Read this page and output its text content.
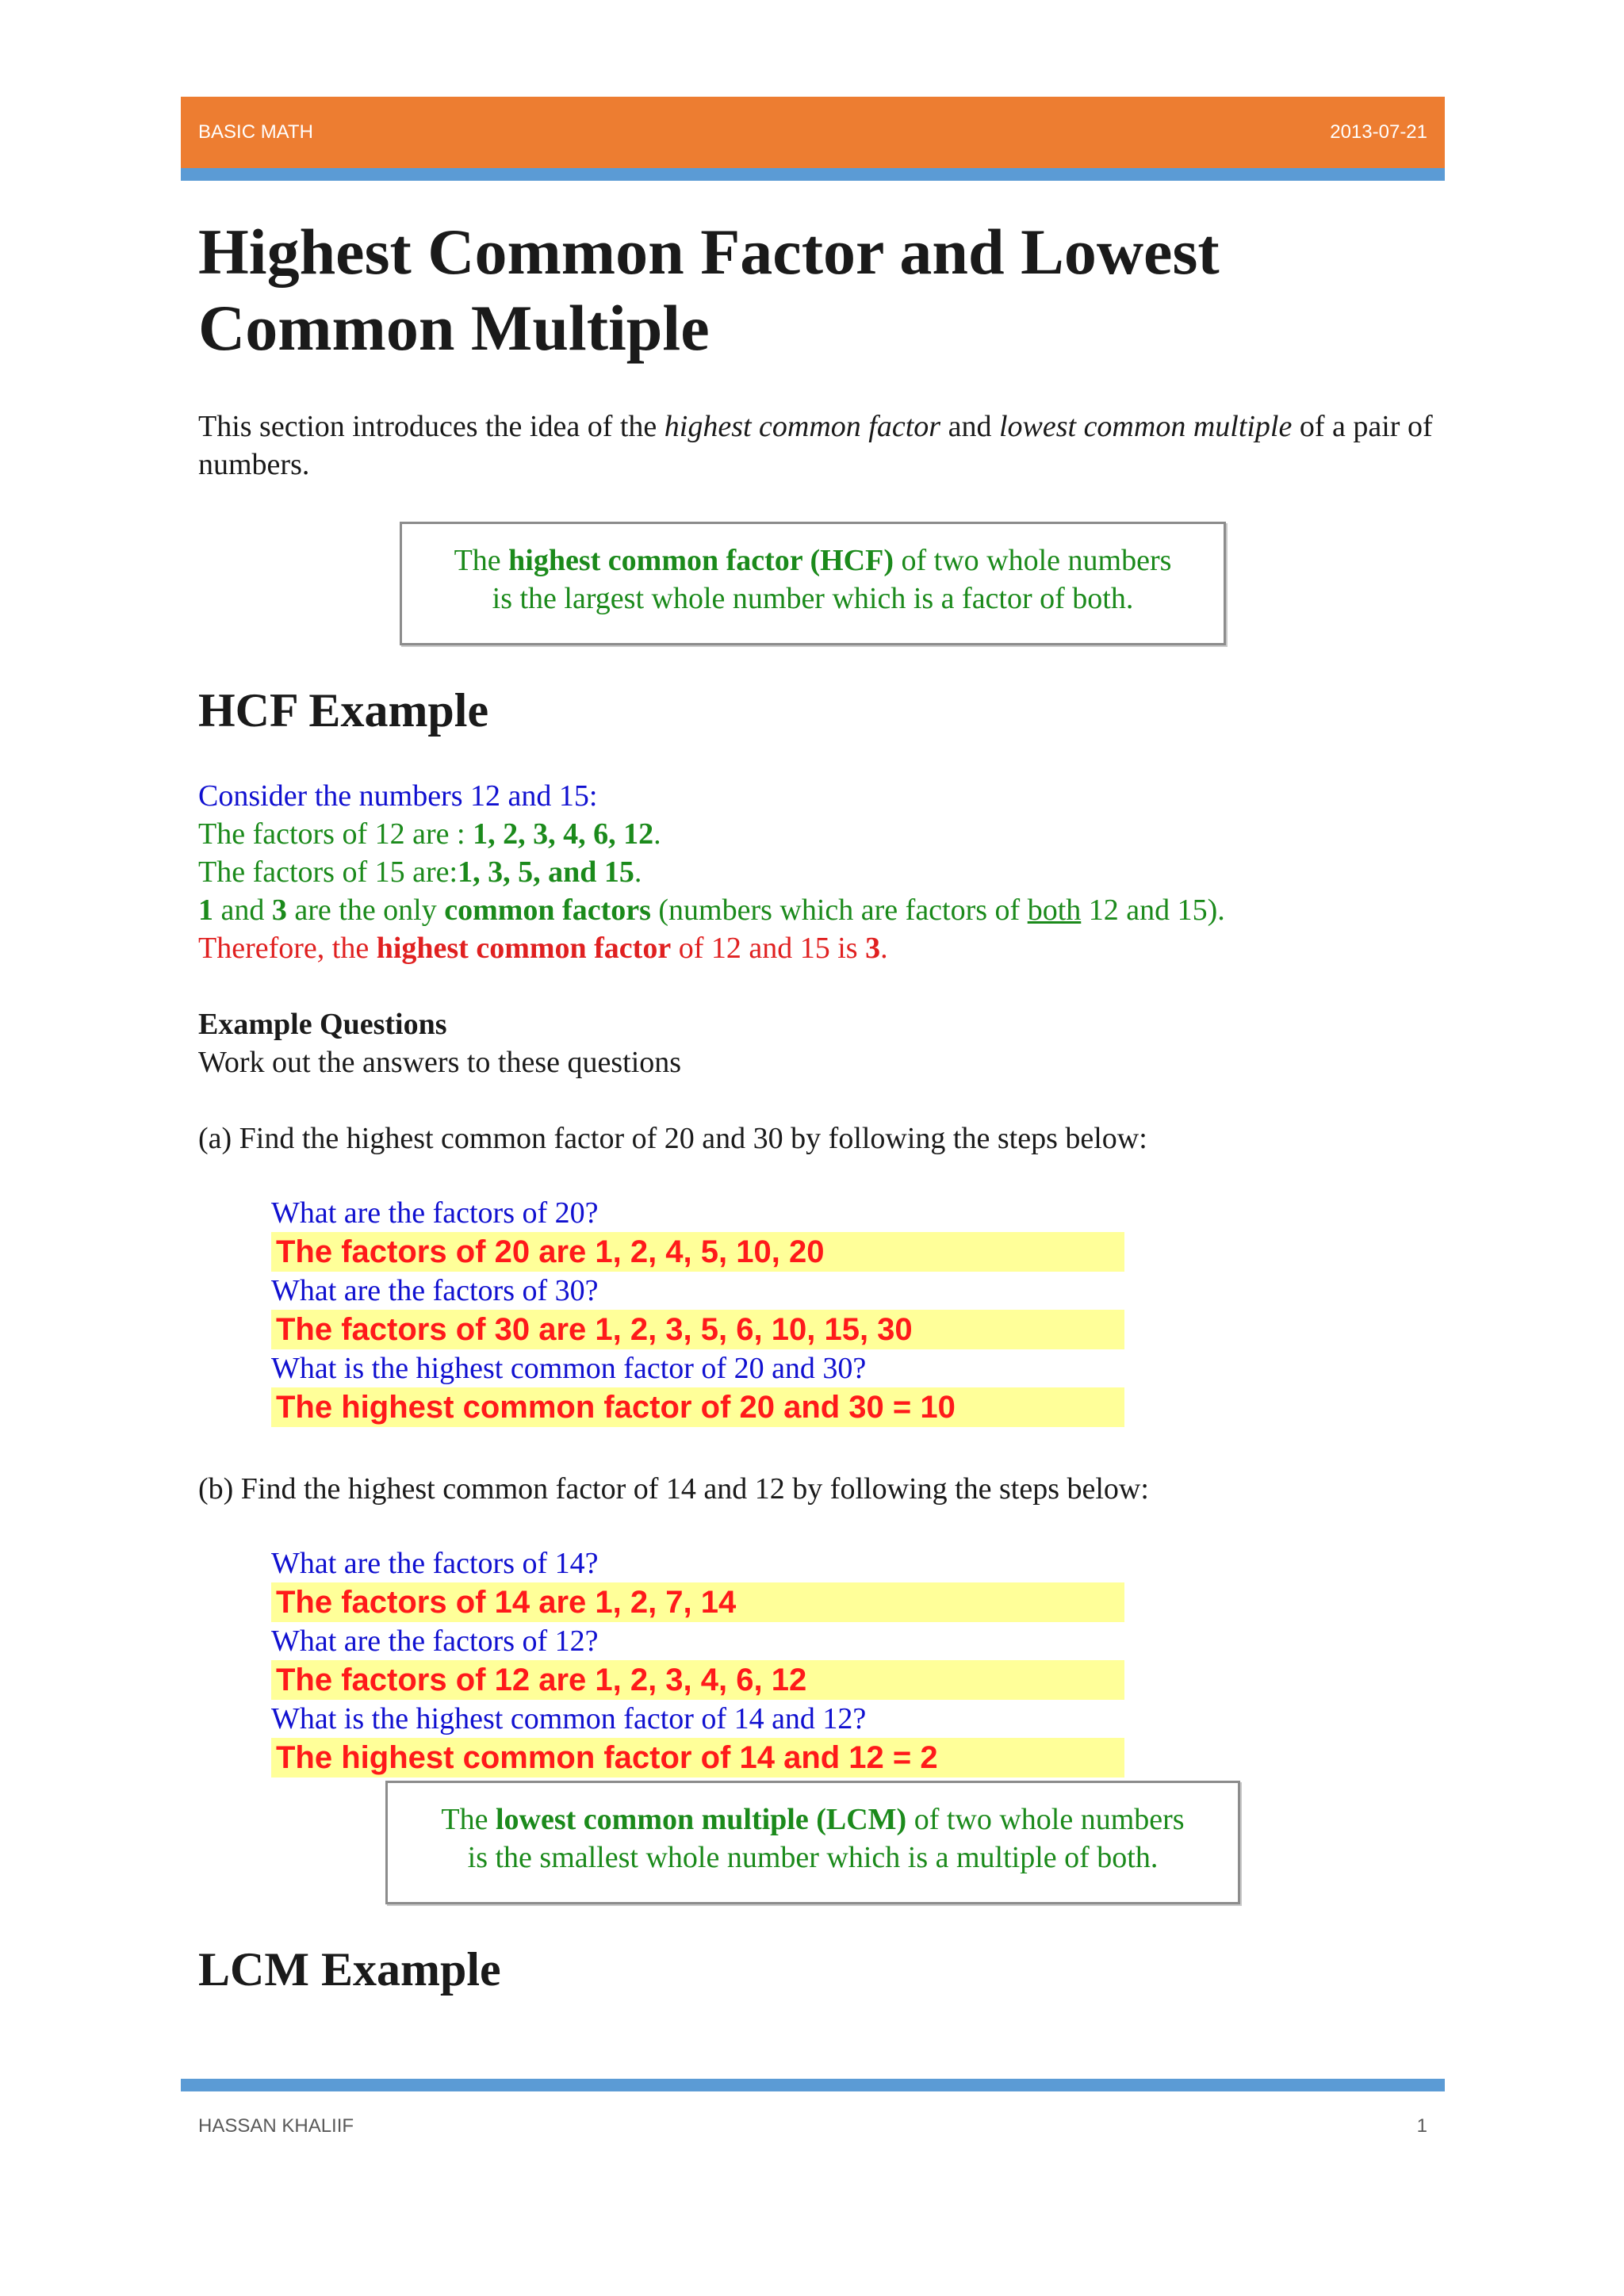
BASIC MATH	2013-07-21
Highest Common Factor and Lowest Common Multiple

This section introduces the idea of the highest common factor and lowest common multiple of a pair of numbers.

The highest common factor (HCF) of two whole numbers
is the largest whole number which is a factor of both.
HCF Example
Consider the numbers 12 and 15:
The factors of 12 are : 1, 2, 3, 4, 6, 12.
The factors of 15 are:1, 3, 5, and 15.
1 and 3 are the only common factors (numbers which are factors of both 12 and 15).
Therefore, the highest common factor of 12 and 15 is 3.
Example Questions
Work out the answers to these questions
(a) Find the highest common factor of 20 and 30 by following the steps below:
What are the factors of 20?
The factors of 20 are 1, 2, 4, 5, 10, 20
What are the factors of 30?
The factors of 30 are 1, 2, 3, 5, 6, 10, 15, 30
What is the highest common factor of 20 and 30?
The highest common factor of 20 and 30 = 10
(b) Find the highest common factor of 14 and 12 by following the steps below:
What are the factors of 14?
The factors of 14 are 1, 2, 7, 14
What are the factors of 12?
The factors of 12 are 1, 2, 3, 4, 6, 12
What is the highest common factor of 14 and 12?
The highest common factor of 14 and 12 = 2
The lowest common multiple (LCM) of two whole numbers
is the smallest whole number which is a multiple of both.
LCM Example
HASSAN KHALIIF	1
